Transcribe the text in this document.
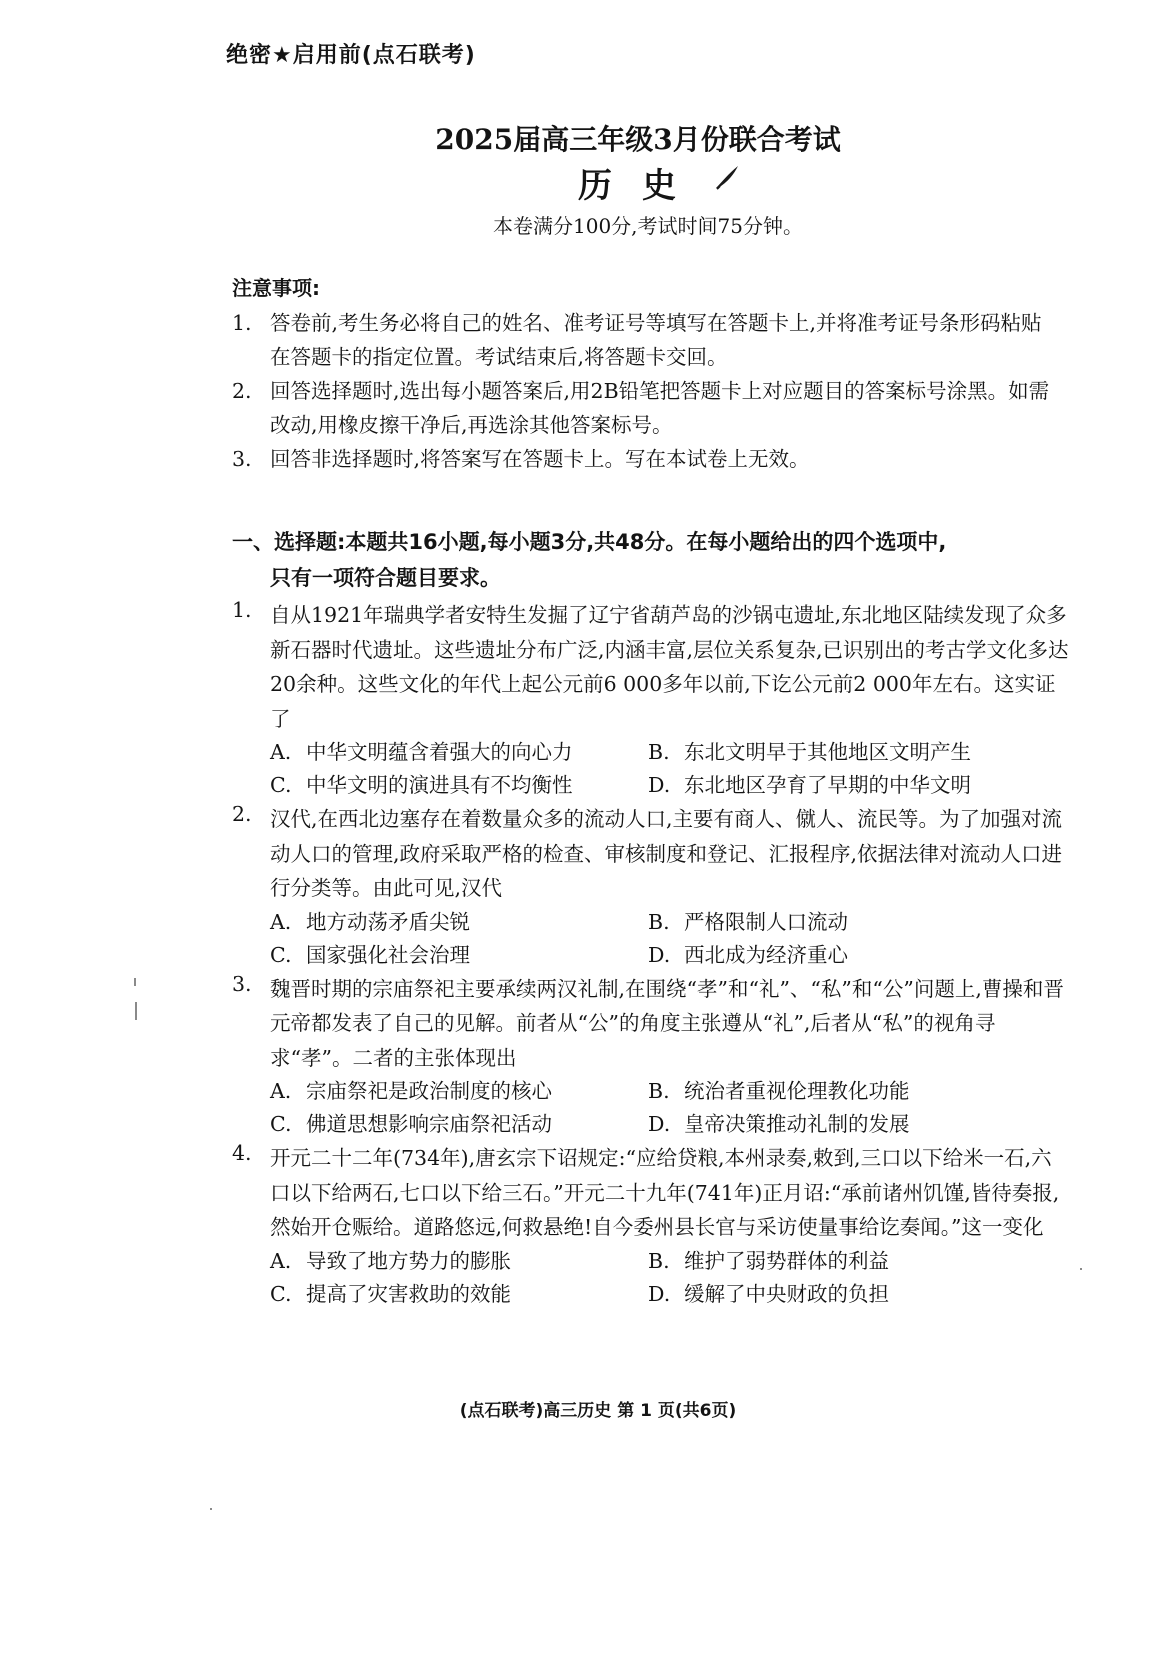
绝密★启用前(点石联考)
2025届高三年级3月份联合考试
历史
本卷满分100分,考试时间75分钟。
注意事项:
1. 答卷前,考生务必将自己的姓名、准考证号等填写在答题卡上,并将准考证号条形码粘贴在答题卡的指定位置。考试结束后,将答题卡交回。
2. 回答选择题时,选出每小题答案后,用2B铅笔把答题卡上对应题目的答案标号涂黑。如需改动,用橡皮擦干净后,再选涂其他答案标号。
3. 回答非选择题时,将答案写在答题卡上。写在本试卷上无效。
一、选择题:本题共16小题,每小题3分,共48分。在每小题给出的四个选项中,
只有一项符合题目要求。
1. 自从1921年瑞典学者安特生发掘了辽宁省葫芦岛的沙锅屯遗址,东北地区陆续发现了众多新石器时代遗址。这些遗址分布广泛,内涵丰富,层位关系复杂,已识别出的考古学文化多达20余种。这些文化的年代上起公元前6 000多年以前,下讫公元前2 000年左右。这实证了
A. 中华文明蕴含着强大的向心力	B. 东北文明早于其他地区文明产生
C. 中华文明的演进具有不均衡性	D. 东北地区孕育了早期的中华文明
2. 汉代,在西北边塞存在着数量众多的流动人口,主要有商人、僦人、流民等。为了加强对流动人口的管理,政府采取严格的检查、审核制度和登记、汇报程序,依据法律对流动人口进行分类等。由此可见,汉代
A. 地方动荡矛盾尖锐	B. 严格限制人口流动
C. 国家强化社会治理	D. 西北成为经济重心
3. 魏晋时期的宗庙祭祀主要承续两汉礼制,在围绕“孝”和“礼”、“私”和“公”问题上,曹操和晋元帝都发表了自己的见解。前者从“公”的角度主张遵从“礼”,后者从“私”的视角寻求“孝”。二者的主张体现出
A. 宗庙祭祀是政治制度的核心	B. 统治者重视伦理教化功能
C. 佛道思想影响宗庙祭祀活动	D. 皇帝决策推动礼制的发展
4. 开元二十二年(734年),唐玄宗下诏规定:“应给贷粮,本州录奏,敕到,三口以下给米一石,六口以下给两石,七口以下给三石。”开元二十九年(741年)正月诏:“承前诸州饥馑,皆待奏报,然始开仓赈给。道路悠远,何救悬绝!自今委州县长官与采访使量事给讫奏闻。”这一变化
A. 导致了地方势力的膨胀	B. 维护了弱势群体的利益
C. 提高了灾害救助的效能	D. 缓解了中央财政的负担
(点石联考)高三历史 第 1 页(共6页)
